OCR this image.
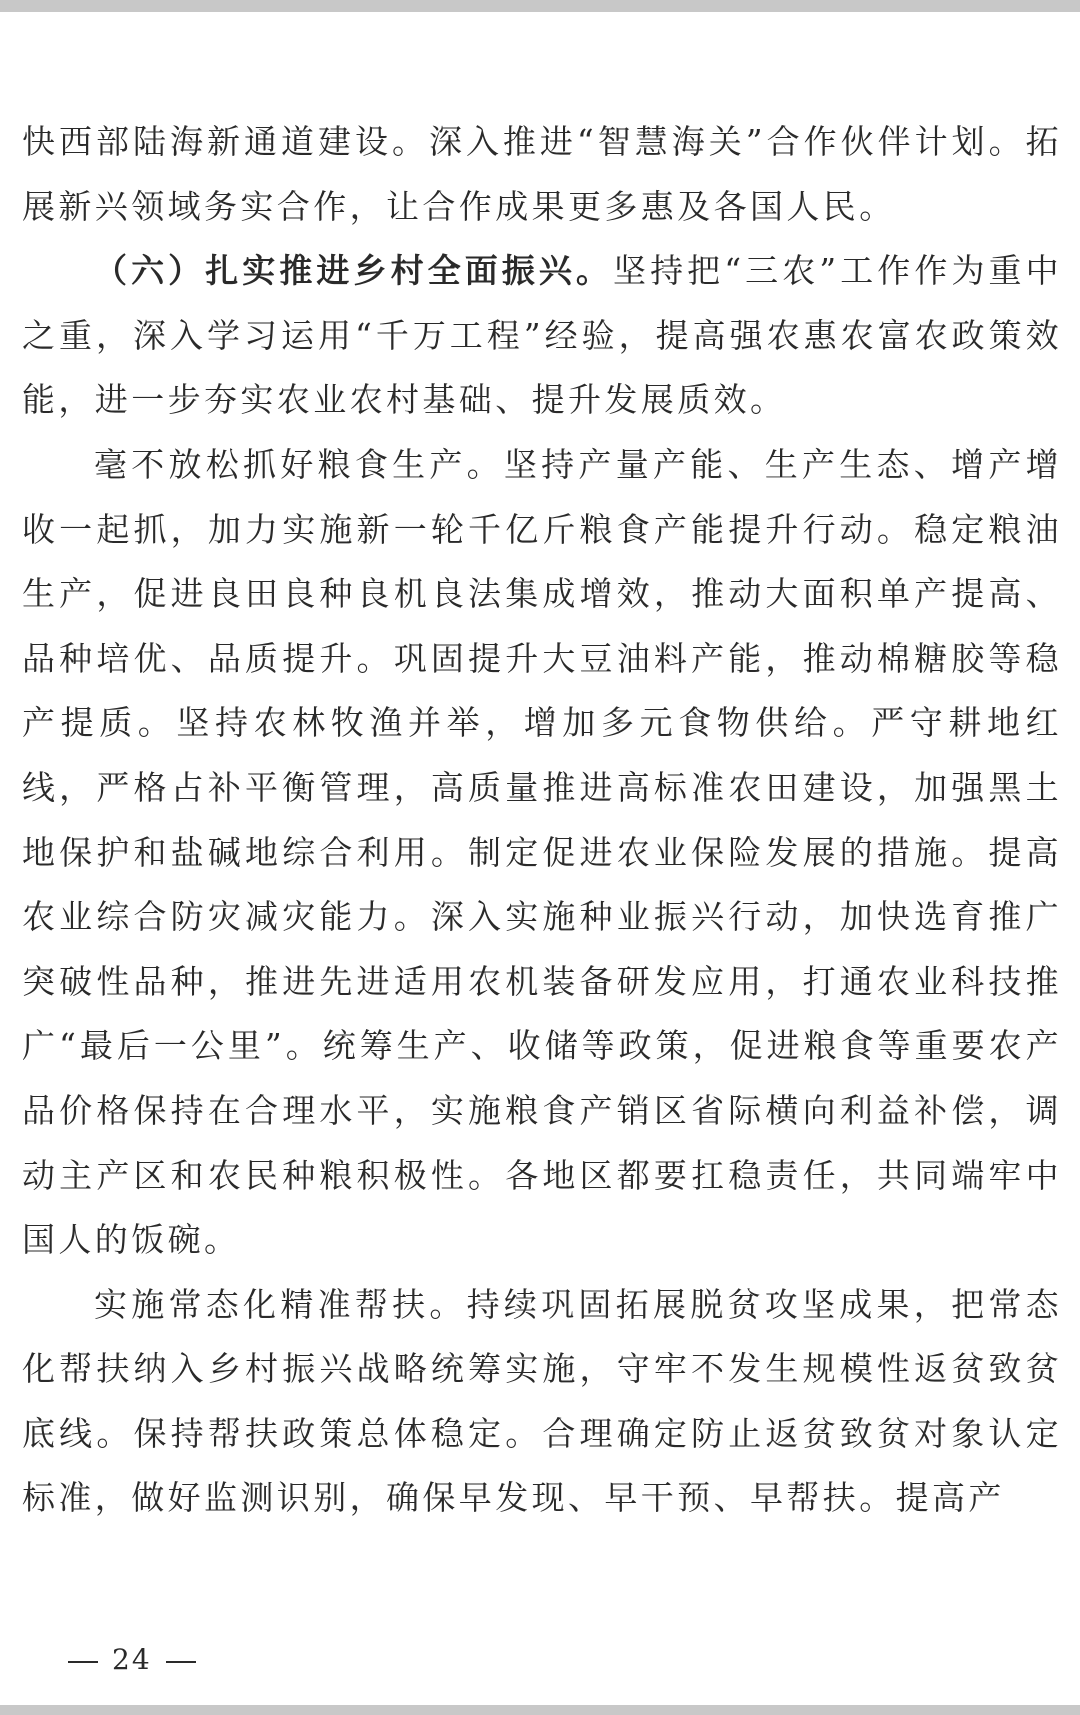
快西部陆海新通道建设。深入推进“智慧海关”合作伙伴计划。拓展新兴领域务实合作，让合作成果更多惠及各国人民。

（六）扎实推进乡村全面振兴。坚持把“三农”工作作为重中之重，深入学习运用“千万工程”经验，提高强农惠农富农政策效能，进一步夯实农业农村基础、提升发展质效。

毫不放松抓好粮食生产。坚持产量产能、生产生态、增产增收一起抓，加力实施新一轮千亿斤粮食产能提升行动。稳定粮油生产，促进良田良种良机良法集成增效，推动大面积单产提高、品种培优、品质提升。巩固提升大豆油料产能，推动棉糖胶等稳产提质。坚持农林牧渔并举，增加多元食物供给。严守耕地红线，严格占补平衡管理，高质量推进高标准农田建设，加强黑土地保护和盐碱地综合利用。制定促进农业保险发展的措施。提高农业综合防灾减灾能力。深入实施种业振兴行动，加快选育推广突破性品种，推进先进适用农机装备研发应用，打通农业科技推广“最后一公里”。统筹生产、收储等政策，促进粮食等重要农产品价格保持在合理水平，实施粮食产销区省际横向利益补偿，调动主产区和农民种粮积极性。各地区都要扛稳责任，共同端牢中国人的饭碗。

实施常态化精准帮扶。持续巩固拓展脱贫攻坚成果，把常态化帮扶纳入乡村振兴战略统筹实施，守牢不发生规模性返贫致贫底线。保持帮扶政策总体稳定。合理确定防止返贫致贫对象认定标准，做好监测识别，确保早发现、早干预、早帮扶。提高产

24
